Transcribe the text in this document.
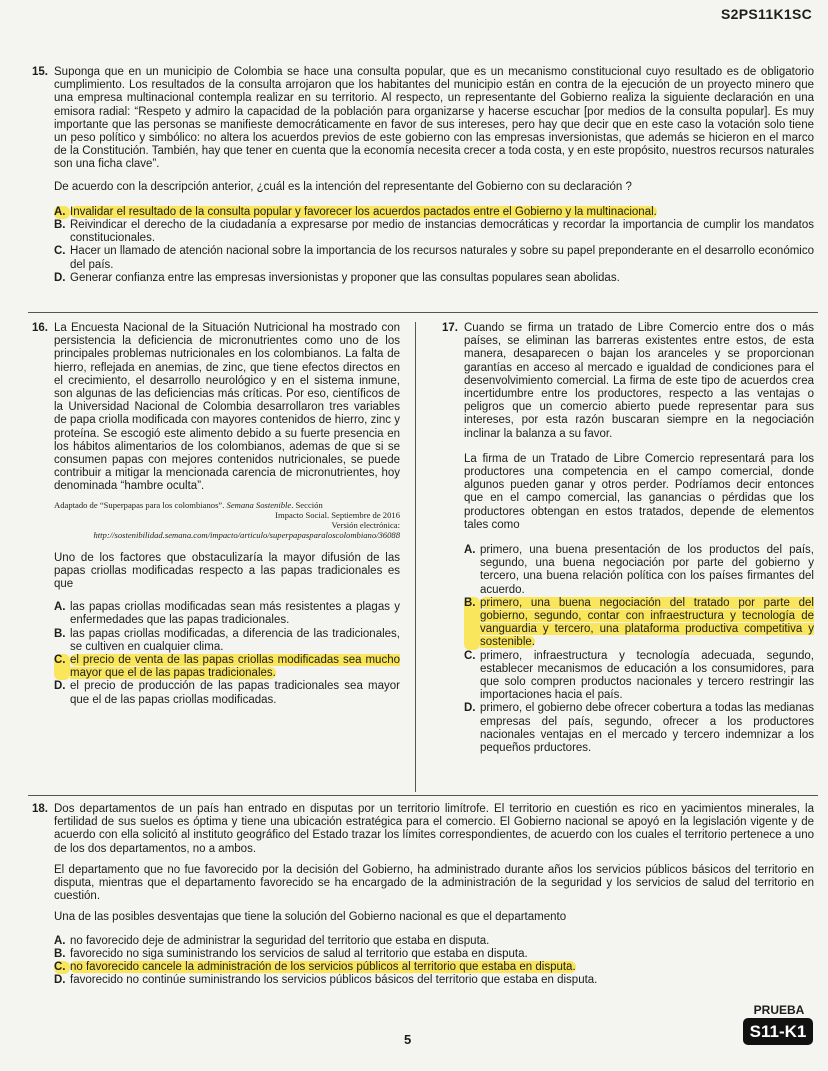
S2PS11K1SC
15. Suponga que en un municipio de Colombia se hace una consulta popular, que es un mecanismo constitucional cuyo resultado es de obligatorio cumplimiento. Los resultados de la consulta arrojaron que los habitantes del municipio están en contra de la ejecución de un proyecto minero que una empresa multinacional contempla realizar en su territorio. Al respecto, un representante del Gobierno realiza la siguiente declaración en una emisora radial: “Respeto y admiro la capacidad de la población para organizarse y hacerse escuchar [por medios de la consulta popular]. Es muy importante que las personas se manifieste democráticamente en favor de sus intereses, pero hay que decir que en este caso la votación solo tiene un peso político y simbólico: no altera los acuerdos previos de este gobierno con las empresas inversionistas, que además se hicieron en el marco de la Constitución. También, hay que tener en cuenta que la economía necesita crecer a toda costa, y en este propósito, nuestros recursos naturales son una ficha clave”.

De acuerdo con la descripción anterior, ¿cuál es la intención del representante del Gobierno con su declaración ?

A. Invalidar el resultado de la consulta popular y favorecer los acuerdos pactados entre el Gobierno y la multinacional.
B. Reivindicar el derecho de la ciudadanía a expresarse por medio de instancias democráticas y recordar la importancia de cumplir los mandatos constitucionales.
C. Hacer un llamado de atención nacional sobre la importancia de los recursos naturales y sobre su papel preponderante en el desarrollo económico del país.
D. Generar confianza entre las empresas inversionistas y proponer que las consultas populares sean abolidas.
16. La Encuesta Nacional de la Situación Nutricional ha mostrado con persistencia la deficiencia de micronutrientes como uno de los principales problemas nutricionales en los colombianos. La falta de hierro, reflejada en anemias, de zinc, que tiene efectos directos en el crecimiento, el desarrollo neurológico y en el sistema inmune, son algunas de las deficiencias más críticas. Por eso, científicos de la Universidad Nacional de Colombia desarrollaron tres variables de papa criolla modificada con mayores contenidos de hierro, zinc y proteína. Se escogió este alimento debido a su fuerte presencia en los hábitos alimentarios de los colombianos, ademas de que si se consumen papas con mejores contenidos nutricionales, se puede contribuir a mitigar la mencionada carencia de micronutrientes, hoy denominada “hambre oculta”.

Adaptado de “Superpapas para los colombianos”. Semana Sostenible. Sección
Impacto Social. Septiembre de 2016
Versión electrónica:
http://sostenibilidad.semana.com/impacto/articulo/superpapasparaloscolombiano/36088

Uno de los factores que obstaculizaría la mayor difusión de las papas criollas modificadas respecto a las papas tradicionales es que

A. las papas criollas modificadas sean más resistentes a plagas y enfermedades que las papas tradicionales.
B. las papas criollas modificadas, a diferencia de las tradicionales, se cultiven en cualquier clima.
C. el precio de venta de las papas criollas modificadas sea mucho mayor que el de las papas tradicionales.
D. el precio de producción de las papas tradicionales sea mayor que el de las papas criollas modificadas.
17. Cuando se firma un tratado de Libre Comercio entre dos o más países, se eliminan las barreras existentes entre estos, de esta manera, desaparecen o bajan los aranceles y se proporcionan garantías en acceso al mercado e igualdad de condiciones para el desenvolvimiento comercial. La firma de este tipo de acuerdos crea incertidumbre entre los productores, respecto a las ventajas o peligros que un comercio abierto puede representar para sus intereses, por esta razón buscaran siempre en la negociación inclinar la balanza a su favor.

La firma de un Tratado de Libre Comercio representará para los productores una competencia en el campo comercial, donde algunos pueden ganar y otros perder. Podríamos decir entonces que en el campo comercial, las ganancias o pérdidas que los productores obtengan en estos tratados, depende de elementos tales como

A. primero, una buena presentación de los productos del país, segundo, una buena negociación por parte del gobierno y tercero, una buena relación política con los países firmantes del acuerdo.
B. primero, una buena negociación del tratado por parte del gobierno, segundo, contar con infraestructura y tecnología de vanguardia y tercero, una plataforma productiva competitiva y sostenible.
C. primero, infraestructura y tecnología adecuada, segundo, establecer mecanismos de educación a los consumidores, para que solo compren productos nacionales y tercero restringir las importaciones hacia el país.
D. primero, el gobierno debe ofrecer cobertura a todas las medianas empresas del país, segundo, ofrecer a los productores nacionales ventajas en el mercado y tercero indemnizar a los pequeños prductores.
18. Dos departamentos de un país han entrado en disputas por un territorio limítrofe. El territorio en cuestión es rico en yacimientos minerales, la fertilidad de sus suelos es óptima y tiene una ubicación estratégica para el comercio. El Gobierno nacional se apoyó en la legislación vigente y de acuerdo con ella solicitó al instituto geográfico del Estado trazar los límites correspondientes, de acuerdo con los cuales el territorio pertenece a uno de los dos departamentos, no a ambos.

El departamento que no fue favorecido por la decisión del Gobierno, ha administrado durante años los servicios públicos básicos del territorio en disputa, mientras que el departamento favorecido se ha encargado de la administración de la seguridad y los servicios de salud del territorio en cuestión.

Una de las posibles desventajas que tiene la solución del Gobierno nacional es que el departamento

A. no favorecido deje de administrar la seguridad del territorio que estaba en disputa.
B. favorecido no siga suministrando los servicios de salud al territorio que estaba en disputa.
C. no favorecido cancele la administración de los servicios públicos al territorio que estaba en disputa.
D. favorecido no continúe suministrando los servicios públicos básicos del territorio que estaba en disputa.
5
PRUEBA
S11-K1
